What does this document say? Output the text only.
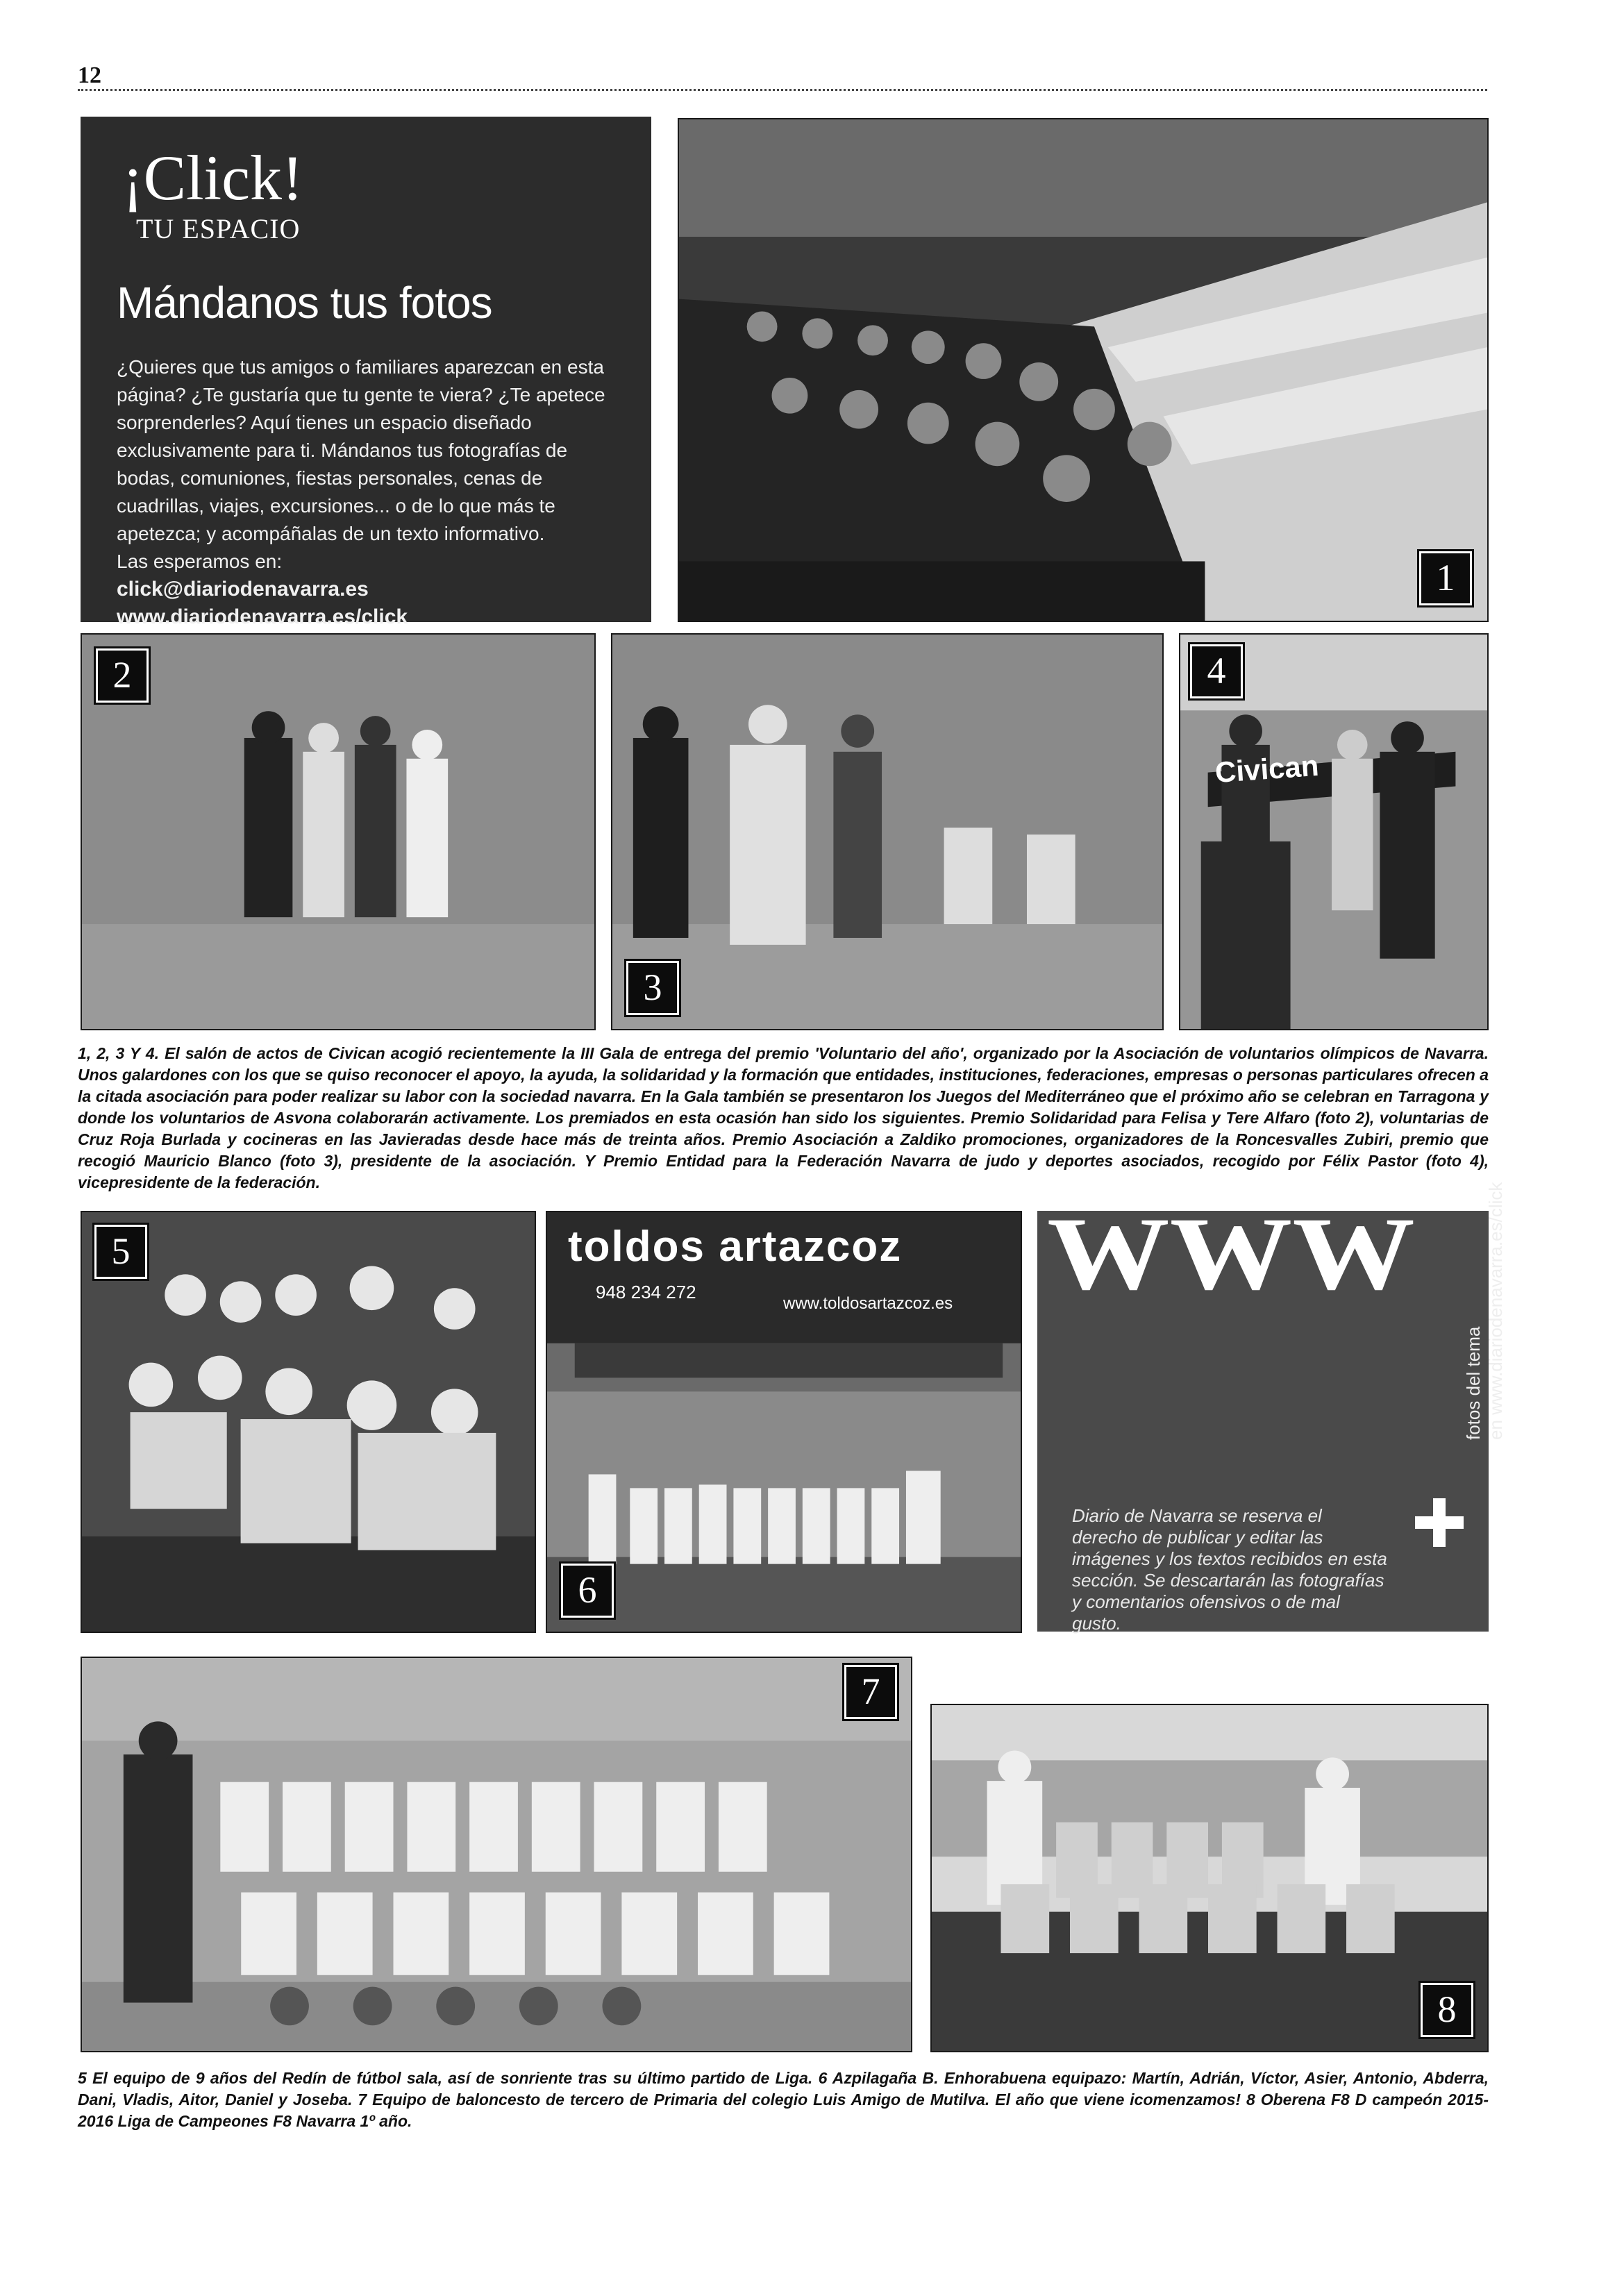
12
¡Click!
TU ESPACIO
Mándanos tus fotos
¿Quieres que tus amigos o familiares aparezcan en esta página? ¿Te gustaría que tu gente te viera? ¿Te apetece sorprenderles? Aquí tienes un espacio diseñado exclusivamente para ti. Mándanos tus fotografías de bodas, comuniones, fiestas personales, cenas de cuadrillas, viajes, excursiones... o de lo que más te apetezca; y acompáñalas de un texto informativo.
Las esperamos en:
click@diariodenavarra.es
www.diariodenavarra.es/click
1
2
3
Civican
4
1, 2, 3 Y 4. El salón de actos de Civican acogió recientemente la III Gala de entrega del premio 'Voluntario del año', organizado por la Asociación de voluntarios olímpicos de Navarra. Unos galardones con los que se quiso reconocer el apoyo, la ayuda, la solidaridad y la formación que entidades, instituciones, federaciones, empresas o personas particulares ofrecen a la citada asociación para poder realizar su labor con la sociedad navarra. En la Gala también se presentaron los Juegos del Mediterráneo que el próximo año se celebran en Tarragona y donde los voluntarios de Asvona colaborarán activamente. Los premiados en esta ocasión han sido los siguientes. Premio Solidaridad para Felisa y Tere Alfaro (foto 2), voluntarias de Cruz Roja Burlada y cocineras en las Javieradas desde hace más de treinta años. Premio Asociación a Zaldiko promociones, organizadores de la Roncesvalles Zubiri, premio que recogió Mauricio Blanco (foto 3), presidente de la asociación. Y Premio Entidad para la Federación Navarra de judo y deportes asociados, recogido por Félix Pastor (foto 4), vicepresidente de la federación.
5	toldos artazcoz
948 234 272
www.toldosartazcoz.es
6
WWW
fotos del tema en www.diariodenavarra.es/click
Diario de Navarra se reserva el derecho de publicar y editar las imágenes y los textos recibidos en esta sección. Se descartarán las fotografías y comentarios ofensivos o de mal gusto.
7
8
5 El equipo de 9 años del Redín de fútbol sala, así de sonriente tras su último partido de Liga. 6 Azpilagaña B. Enhorabuena equipazo: Martín, Adrián, Víctor, Asier, Antonio, Abderra, Dani, Vladis, Aitor, Daniel y Joseba. 7 Equipo de baloncesto de tercero de Primaria del colegio Luis Amigo de Mutilva. El año que viene icomenzamos! 8 Oberena F8 D campeón 2015-2016 Liga de Campeones F8 Navarra 1º año.
